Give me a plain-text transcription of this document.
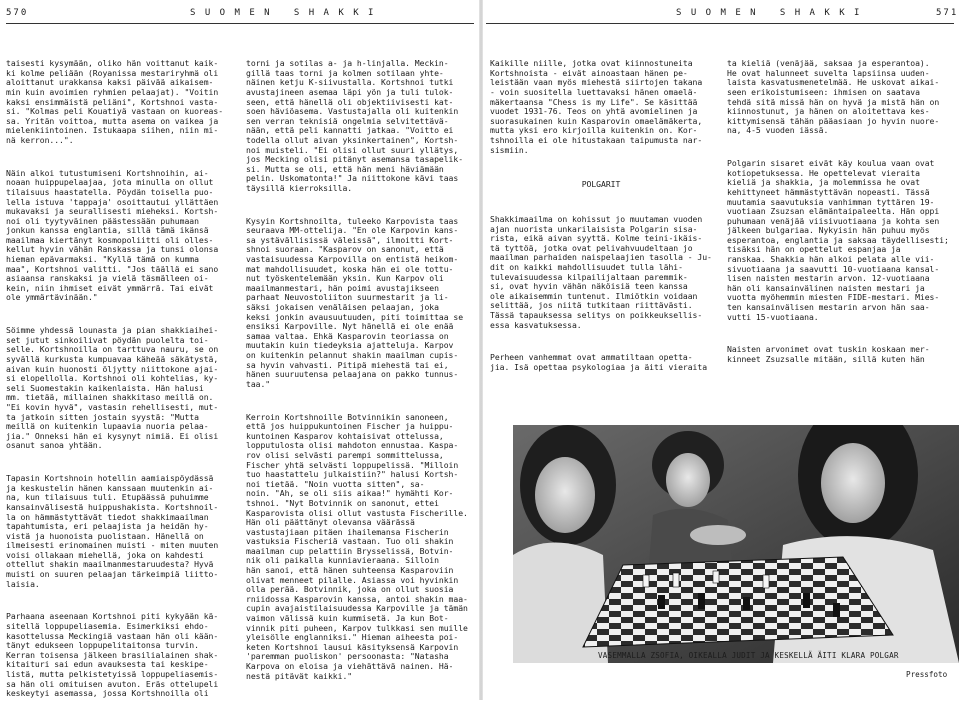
570	S U O M E N   S H A K K I

taisesti kysymään, oliko hän voittanut kaik-
ki kolme peliään (Royanissa mestariryhmä oli
aloittanut urakkansa kaksi päivää aikaisem-
min kuin avoimien ryhmien pelaajat). "Voitin
kaksi ensimmäistä peliäni", Kortshnoi vasta-
si. "Kolmas peli Kouatiyä vastaan on kuoreas-
sa. Yritän voittoa, mutta asema on vaikea ja
mielenkiintoinen. Istukaapa siihen, niin mi-
nä kerron...".

Näin alkoi tutustumiseni Kortshnoihin, ai-
noaan huippupelaajaa, jota minulla on ollut
tilaisuus haastatella. Pöydän toisella puo-
lella istuva 'tappaja' osoittautui yllättäen
mukavaksi ja seurallisesti mieheksi. Kortsh-
noi oli tyytyväinen päästessään puhumaan
jonkun kanssa englantia, sillä tämä ikänsä
maailmaa kiertänyt kosmopoliitti oli olles-
kellut hyvin vähän Ranskassa ja tunsi olonsa
hieman epävarmaksi. "Kyllä tämä on kumma
maa", Kortshnoi valitti. "Jos täällä ei sano
asiaansa ranskaksi ja vielä täsmälleen oi-
kein, niin ihmiset eivät ymmärrä. Tai eivät
ole ymmärtävinään."

Söimme yhdessä lounasta ja pian shakkiaihei-
set jutut sinkoilivat pöydän puolelta toi-
selle. Kortshnoilla on tarttuva nauru, se on
syvällä kurkusta kumpuavaa käheää säkätystä,
aivan kuin huonosti öljytty niittokone ajai-
si elopellolla. Kortshnoi oli kohtelias, ky-
seli Suomestakin kaikenlaista. Hän halusi
mm. tietää, millainen shakkitaso meillä on.
"Ei kovin hyvä", vastasin rehellisesti, mut-
ta jatkoin sitten jostain syystä: "Mutta
meillä on kuitenkin lupaavia nuoria pelaa-
jia." Onneksi hän ei kysynyt nimiä. Ei olisi
osanut sanoa yhtään.

Tapasin Kortshnoin hotellin aamiaispöydässä
ja keskustelin hänen kanssaan muutenkin ai-
na, kun tilaisuus tuli. Etupäässä puhuimme
kansainvälisestä huippushakista. Kortshnoil-
la on hämmästyttävät tiedot shakkimaailman
tapahtumista, eri pelaajista ja heidän hy-
vistä ja huonoista puolistaan. Hänellä on
ilmeisesti erinomainen muisti - miten muuten
voisi ollakaan miehellä, joka on kahdesti
ottellut shakin maailmanmestaruudesta? Hyvä
muisti on suuren pelaajan tärkeimpiä liitto-
laisia.

Parhaana aseenaan Kortshnoi piti kykyään kä-
sitellä loppupeliasemia. Esimerkiksi ehdo-
kasottelussa Meckingiä vastaan hän oli kään-
tänyt edukseen loppupelitaitonsa turvin.
Kerran toisensa jälkeen brasilialainen shak-
kitaituri sai edun avauksesta tai keskipe-
listä, mutta pelkistetyissä loppupeliasemis-
sa hän oli omituisen avuton. Eräs ottelupeli
keskeytyi asemassa, jossa Kortshnoilla oli

torni ja sotilas a- ja h-linjalla. Meckin-
gillä taas torni ja kolmen sotilaan yhte-
näinen ketju K-siivustalla. Kortshnoi tutki
avustajineen asemaa läpi yön ja tuli tulok-
seen, että hänellä oli objektiivisesti kat-
soen häviöasema. Vastustajalla oli kuitenkin
sen verran teknisiä ongelmia selvitettävä-
nään, että peli kannatti jatkaa. "Voitto ei
todella ollut aivan yksinkertainen", Kortsh-
noi muisteli. "Ei olisi ollut suuri yllätys,
jos Mecking olisi pitänyt asemansa tasapelik-
si. Mutta se oli, että hän meni häviämään
pelin. Uskomatonta!" Ja niittokone kävi taas
täysillä kierroksilla.

Kysyin Kortshnoilta, tuleeko Karpovista taas
seuraava MM-ottelija. "En ole Karpovin kans-
sa ystävällisissä väleissä", ilmoitti Kort-
shnoi suoraan. "Kasparov on sanonut, että
vastaisuudessa Karpovilla on entistä heikom-
mat mahdollisuudet, koska hän ei ole tottu-
nut työskentelemään yksin. Kun Karpov oli
maailmanmestari, hän poimi avustajikseen
parhaat Neuvostoliiton suurmestarit ja li-
säksi jokaisen venäläisen pelaajan, joka
keksi jonkin avausuutuuden, piti toimittaa se
ensiksi Karpoville. Nyt hänellä ei ole enää
samaa valtaa. Ehkä Kasparovin teoriassa on
muutakin kuin tiedeyksia ajatteluja. Karpov
on kuitenkin pelannut shakin maailman cupis-
sa hyvin vahvasti. Pitipä miehestä tai ei,
hänen suuruutensa pelaajana on pakko tunnus-
taa."

Kerroin Kortshnoille Botvinnikin sanoneen,
että jos huippukuntoinen Fischer ja huippu-
kuntoinen Kasparov kohtaisivat ottelussa,
lopputulosta olisi mahdoton ennustaa. Kaspa-
rov olisi selvästi parempi sommittelussa,
Fischer yhtä selvästi loppupelissä. "Milloin
tuo haastattelu julkaistiin?" halusi Kortsh-
noi tietää. "Noin vuotta sitten", sa-
noin. "Ah, se oli siis aikaa!" hymähti Kor-
tshnoi. "Nyt Botvinnik on sanonut, ettei
Kasparovista olisi ollut vastusta Fischerille.
Hän oli päättänyt olevansa väärässä
vastustajiaan pitäen ihailemansa Fischerin
vastuksia Fischeriä vastaan. Tuo oli shakin
maailman cup pelattiin Brysselissä, Botvin-
nik oli paikalla kunniavieraana. Silloin
hän sanoi, että hänen suhteensa Kasparoviin
olivat menneet pilalle. Asiassa voi hyvinkin
olla perää. Botvinnik, joka on ollut suosia
rniidossa Kasparovin kanssa, antoi shakin maa-
cupin avajaistilaisuudessa Karpoville ja tämän
vaimon välissä kuin kummisetä. Ja kun Bot-
vinnik piti puheen, Karpov tulkkasi sen muille
yleisölle englanniksi." Hieman aiheesta poi-
keten Kortshnoi lausui käsityksensä Karpovin
'paremman puoliskon' persoonasta: "Natasha
Karpova on eloisa ja viehättävä nainen. Hä-
nestä pitävät kaikki."

S U O M E N   S H A K K I	571

Kaikille niille, jotka ovat kiinnostuneita
Kortshnoista - eivät ainoastaan hänen pe-
leistään vaan myös miehestä siirtojen takana
- voin suositella luettavaksi hänen omaelä-
mäkertaansa "Chess is my Life". Se käsittää
vuodet 1931-76. Teos on yhtä avomielinen ja
suorasukainen kuin Kasparovin omaelämäkerta,
mutta yksi ero kirjoilla kuitenkin on. Kor-
tshnoilla ei ole hitustakaan taipumusta nar-
sismiin.

POLGARIT

Shakkimaailma on kohissut jo muutaman vuoden
ajan nuorista unkarilaisista Polgarin sisa-
rista, eikä aivan syyttä. Kolme teini-ikäis-
tä tyttöä, jotka ovat pelivahvuudeltaan jo
maailman parhaiden naispelaajien tasolla - Ju-
dit on kaikki mahdollisuudet tulla lähi-
tulevaisuudessa kilpailijaltaan paremmik-
si, ovat hyvin vähän näköisiä teen kanssa
ole aikaisemmin tuntenut. Ilmiötkin voidaan
selittää, jos niitä tutkitaan riittävästi.
Tässä tapauksessa selitys on poikkeuksellis-
essa kasvatuksessa.

Perheen vanhemmat ovat ammatiltaan opetta-
jia. Isä opettaa psykologiaa ja äiti vieraita

ta kieliä (venäjää, saksaa ja esperantoa).
He ovat halunneet suvelta lapsiinsa uuden-
laista kasvatusmenetelmää. He uskovat aikai-
seen erikoistumiseen: ihmisen on saatava
tehdä sitä missä hän on hyvä ja mistä hän on
kiinnostunut, ja hänen on aloitettava kes-
kittymisensä tähän pääasiaan jo hyvin nuore-
na, 4-5 vuoden iässä.

Polgarin sisaret eivät käy koulua vaan ovat
kotiopetuksessa. He opettelevat vieraita
kieliä ja shakkia, ja molemmissa he ovat
kehittyneet hämmästyttävän nopeasti. Tässä
muutamia saavutuksia vanhimman tyttären 19-
vuotiaan Zsuzsan elämäntaipaleelta. Hän oppi
puhumaan venäjää viisivuotiaana ja kohta sen
jälkeen bulgariaa. Nykyisin hän puhuu myös
esperantoa, englantia ja saksaa täydellisesti;
tisäksi hän on opettelut espanjaa ja
ranskaa. Shakkia hän alkoi pelata alle vii-
sivuotiaana ja saavutti 10-vuotiaana kansal-
lisen naisten mestarin arvon. 12-vuotiaana
hän oli kansainvälinen naisten mestari ja
vuotta myöhemmin miesten FIDE-mestari. Mies-
ten kansainvälisen mestarin arvon hän saa-
vutti 15-vuotiaana.

Naisten arvonimet ovat tuskin koskaan mer-
kinneet Zsuzsalle mitään, sillä kuten hän

VASEMMALLA ZSOFIA, OIKEALLA JUDIT JA KESKELLÄ ÄITI KLARA POLGAR
Pressfoto
